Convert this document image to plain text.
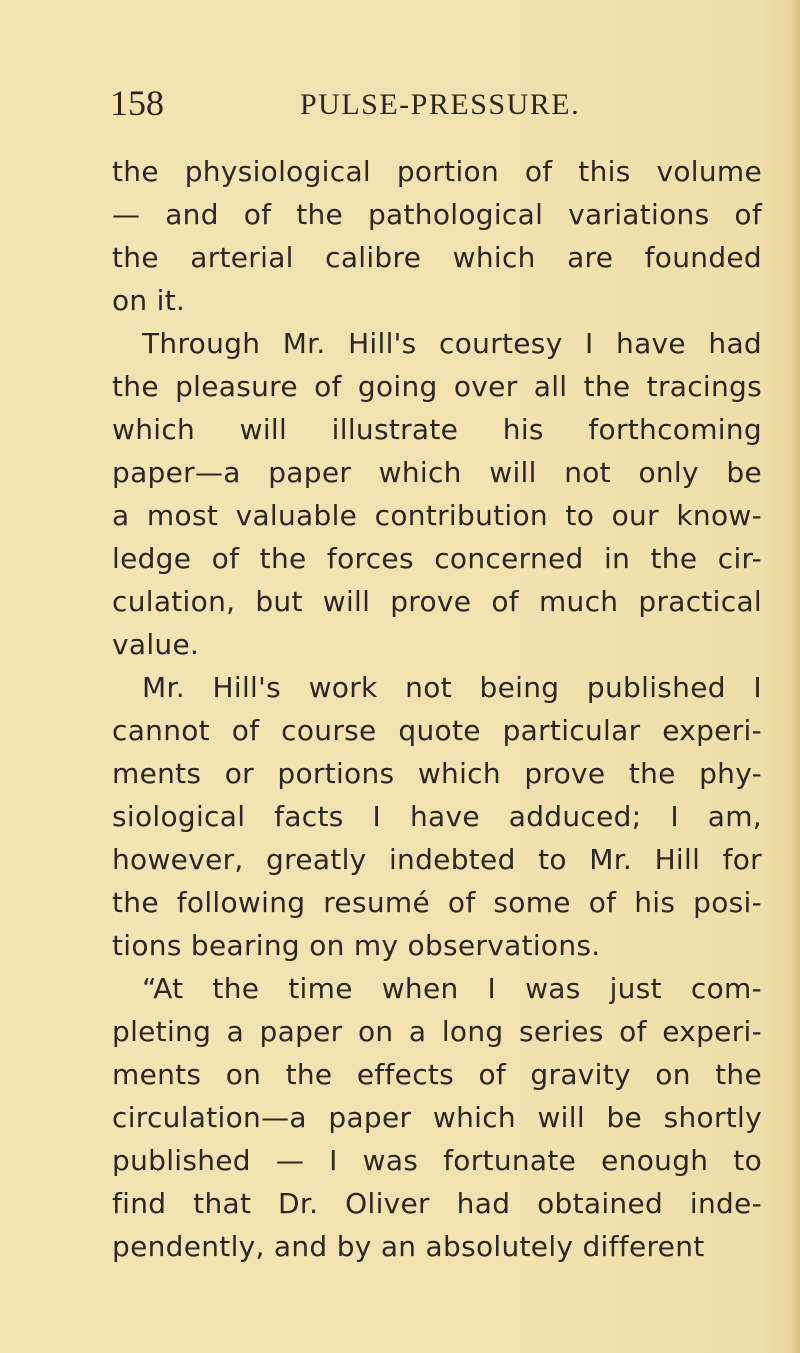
158	PULSE-PRESSURE.
the physiological portion of this volume
— and of the pathological variations of
the arterial calibre which are founded
on it.
Through Mr. Hill's courtesy I have had
the pleasure of going over all the tracings
which will illustrate his forthcoming
paper—a paper which will not only be
a most valuable contribution to our know-
ledge of the forces concerned in the cir-
culation, but will prove of much practical
value.
Mr. Hill's work not being published I
cannot of course quote particular experi-
ments or portions which prove the phy-
siological facts I have adduced; I am,
however, greatly indebted to Mr. Hill for
the following resumé of some of his posi-
tions bearing on my observations.
“At the time when I was just com-
pleting a paper on a long series of experi-
ments on the effects of gravity on the
circulation—a paper which will be shortly
published — I was fortunate enough to
find that Dr. Oliver had obtained inde-
pendently, and by an absolutely different
